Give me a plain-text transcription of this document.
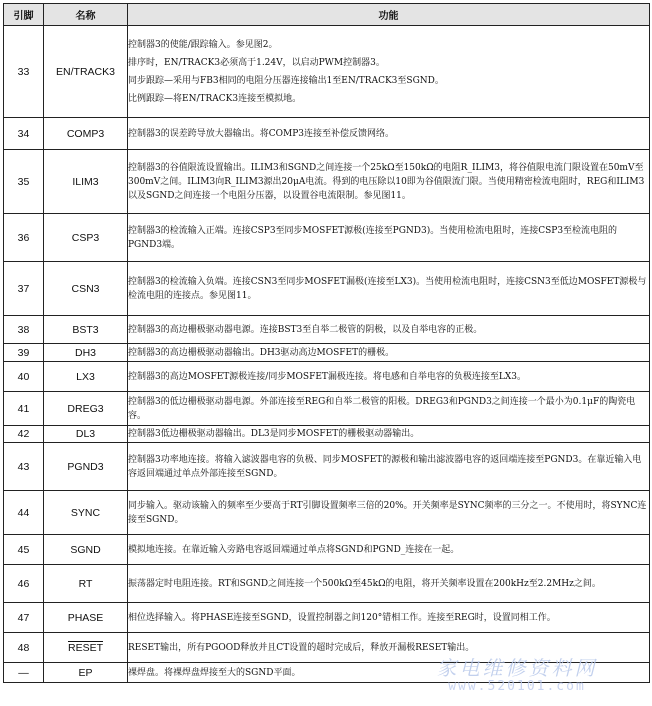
引脚	名称	功能
33	EN/TRACK3	控制器3的使能/跟踪输入。参见图2。

排序时，EN/TRACK3必须高于1.24V，以启动PWM控制器3。

同步跟踪—采用与FB3相同的电阻分压器连接输出1至EN/TRACK3至SGND。

比例跟踪—将EN/TRACK3连接至模拟地。

34	COMP3	控制器3的误差跨导放大器输出。将COMP3连接至补偿反馈网络。

35	ILIM3	控制器3的谷值限流设置输出。ILIM3和SGND之间连接一个25kΩ至150kΩ的电阻R_ILIM3，将谷值限电流门限设置在50mV至300mV之间。ILIM3向R_ILIM3源出20μA电流。得到的电压除以10即为谷值限流门限。当使用精密检流电阻时，REG和ILIM3以及SGND之间连接一个电阻分压器，以设置谷电流限制。参见图11。

36	CSP3	控制器3的检流输入正端。连接CSP3至同步MOSFET源极(连接至PGND3)。当使用检流电阻时，连接CSP3至检流电阻的PGND3端。

37	CSN3	控制器3的检流输入负端。连接CSN3至同步MOSFET漏极(连接至LX3)。当使用检流电阻时，连接CSN3至低边MOSFET源极与检流电阻的连接点。参见图11。

38	BST3	控制器3的高边栅极驱动器电源。连接BST3至自举二极管的阴极，以及自举电容的正极。

39	DH3	控制器3的高边栅极驱动器输出。DH3驱动高边MOSFET的栅极。

40	LX3	控制器3的高边MOSFET源极连接/同步MOSFET漏极连接。将电感和自举电容的负极连接至LX3。

41	DREG3	控制器3的低边栅极驱动器电源。外部连接至REG和自举二极管的阳极。DREG3和PGND3之间连接一个最小为0.1μF的陶瓷电容。

42	DL3	控制器3低边栅极驱动器输出。DL3是同步MOSFET的栅极驱动器输出。

43	PGND3	控制器3功率地连接。将输入滤波器电容的负极、同步MOSFET的源极和输出滤波器电容的返回端连接至PGND3。在靠近输入电容返回端通过单点外部连接至SGND。

44	SYNC	同步输入。驱动该输入的频率至少要高于RT引脚设置频率三倍的20%。开关频率是SYNC频率的三分之一。不使用时，将SYNC连接至SGND。

45	SGND	模拟地连接。在靠近输入旁路电容返回端通过单点将SGND和PGND_连接在一起。

46	RT	振荡器定时电阻连接。RT和SGND之间连接一个500kΩ至45kΩ的电阻，将开关频率设置在200kHz至2.2MHz之间。

47	PHASE	相位选择输入。将PHASE连接至SGND，设置控制器之间120°错相工作。连接至REG时，设置同相工作。

48	RESET	RESET输出，所有PGOOD释放并且CT设置的超时完成后，释放开漏极RESET输出。

—	EP	裸焊盘。将裸焊盘焊接至大的SGND平面。	家电维修资料网
www.520101.com
